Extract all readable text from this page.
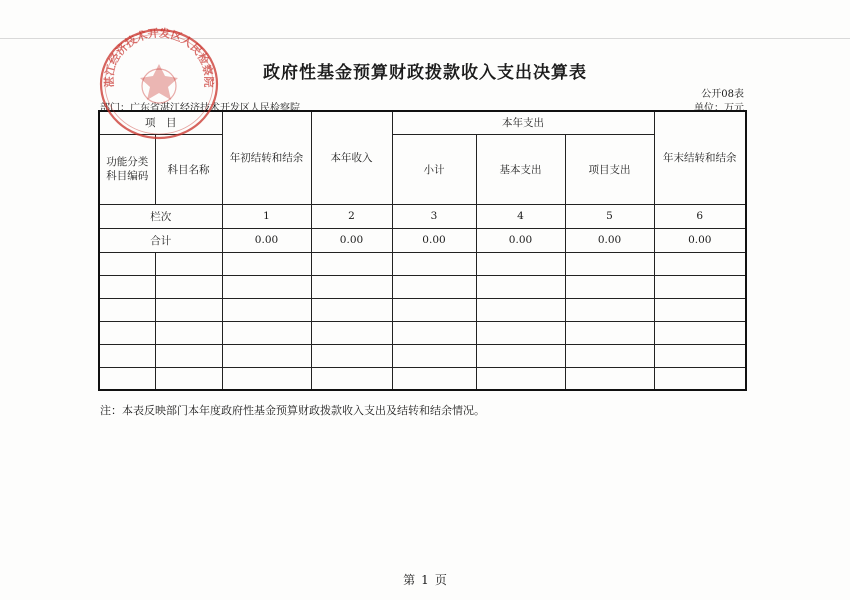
政府性基金预算财政拨款收入支出决算表
公开08表
部门：广东省湛江经济技术开发区人民检察院	单位：万元
项　目		年初结转和结余	本年收入	本年支出			年末结转和结余
功能分类科目编码	科目名称			小计	基本支出	项目支出	

栏次		1	2	3	4	5	6
合计		0.00	0.00	0.00	0.00	0.00	0.00

湛江经济技术开发区人民检察院
注：本表反映部门本年度政府性基金预算财政拨款收入支出及结转和结余情况。
第 1 页
